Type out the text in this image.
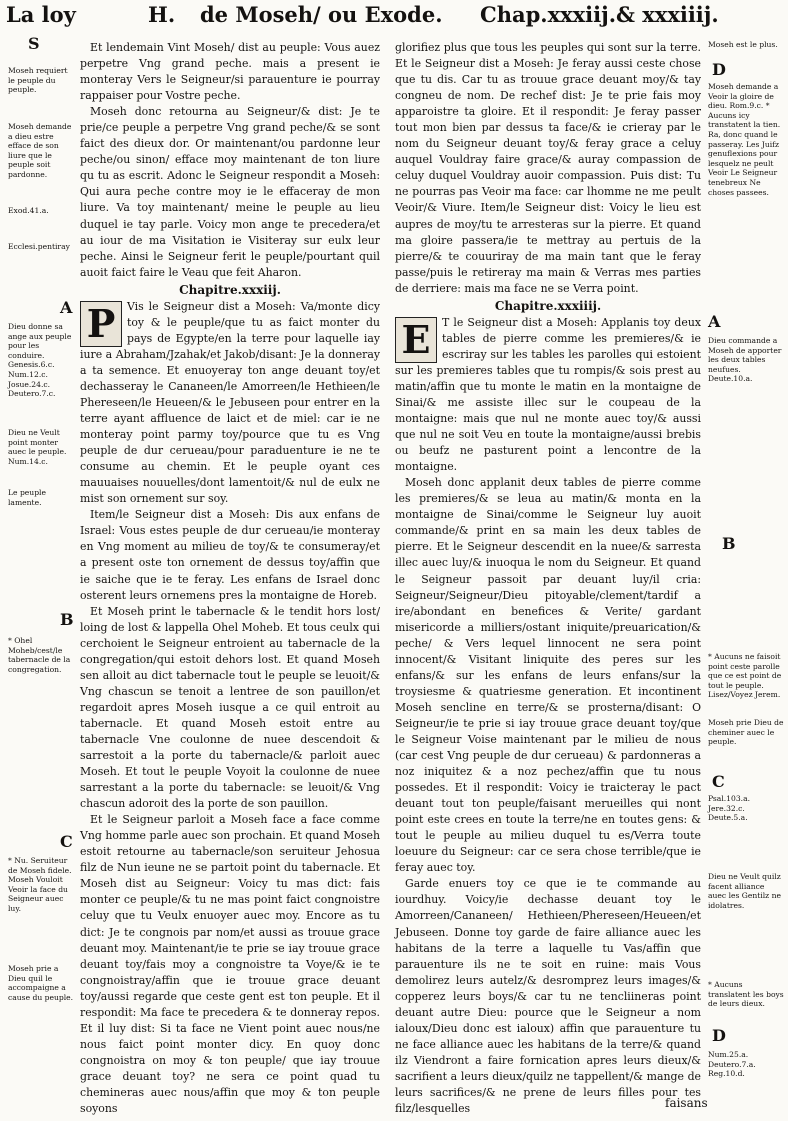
La loy	H. de Moseh/ ou Exode. Chap.xxxiij.& xxxiiij.
S
Moseh requiert le peuple du peuple.
Moseh demande a dieu estre efface de son liure que le peuple soit pardonne.
Exod.41.a.
Ecclesi.pentiray
A
Dieu donne sa ange aux peuple pour les conduire. Genesis.6.c. Num.12.c. Josue.24.c. Deutero.7.c.
Dieu ne Veult point monter auec le peuple. Num.14.c.
Le peuple lamente.
B
* Ohel Moheb/cest/le tabernacle de la congregation.
C
* Nu. Seruiteur de Moseh fidele. Moseh Vouloit Veoir la face du Seigneur auec luy.
Moseh prie a Dieu quil le accompaigne a cause du peuple.

Et lendemain Vint Moseh/ dist au peuple: Vous auez perpetre Vng grand peche. mais a present ie monteray Vers le Seigneur/si parauenture ie pourray rappaiser pour Vostre peche.

Moseh donc retourna au Seigneur/& dist: Je te prie/ce peuple a perpetre Vng grand peche/& se sont faict des dieux dor. Or maintenant/ou pardonne leur peche/ou sinon/ efface moy maintenant de ton liure qu tu as escrit. Adonc le Seigneur respondit a Moseh: Qui aura peche contre moy ie le effaceray de mon liure. Va toy maintenant/ meine le peuple au lieu duquel ie tay parle. Voicy mon ange te precedera/et au iour de ma Visitation ie Visiteray sur eulx leur peche. Ainsi le Seigneur ferit le peuple/pourtant quil auoit faict faire le Veau que feit Aharon.

Chapitre.xxxiij.

P	Vis le Seigneur dist a Moseh: Va/monte dicy toy & le peuple/que tu as faict monter du pays de Egypte/en la terre pour laquelle iay iure a Abraham/Jzahak/et Jakob/disant: Je la donneray a ta semence. Et enuoyeray ton ange deuant toy/et dechasseray le Cananeen/le Amorreen/le Hethieen/le Phereseen/le Heueen/& le Jebuseen pour entrer en la terre ayant affluence de laict et de miel: car ie ne monteray point parmy toy/pource que tu es Vng peuple de dur cerueau/pour paraduenture ie ne te consume au chemin. Et le peuple oyant ces mauuaises nouuelles/dont lamentoit/& nul de eulx ne mist son ornement sur soy.

Item/le Seigneur dist a Moseh: Dis aux enfans de Israel: Vous estes peuple de dur cerueau/ie monteray en Vng moment au milieu de toy/& te consumeray/et a present oste ton ornement de dessus toy/affin que ie saiche que ie te feray. Les enfans de Israel donc osterent leurs ornemens pres la montaigne de Horeb.

Et Moseh print le tabernacle & le tendit hors lost/ loing de lost & lappella Ohel Moheb. Et tous ceulx qui cerchoient le Seigneur entroient au tabernacle de la congregation/qui estoit dehors lost. Et quand Moseh sen alloit au dict tabernacle tout le peuple se leuoit/& Vng chascun se tenoit a lentree de son pauillon/et regardoit apres Moseh iusque a ce quil entroit au tabernacle. Et quand Moseh estoit entre au tabernacle Vne coulonne de nuee descendoit & sarrestoit a la porte du tabernacle/& parloit auec Moseh. Et tout le peuple Voyoit la coulonne de nuee sarrestant a la porte du tabernacle: se leuoit/& Vng chascun adoroit des la porte de son pauillon.

Et le Seigneur parloit a Moseh face a face comme Vng homme parle auec son prochain. Et quand Moseh estoit retourne au tabernacle/son seruiteur Jehosua filz de Nun ieune ne se partoit point du tabernacle. Et Moseh dist au Seigneur: Voicy tu mas dict: fais monter ce peuple/& tu ne mas point faict congnoistre celuy que tu Veulx enuoyer auec moy. Encore as tu dict: Je te congnois par nom/et aussi as trouue grace deuant moy. Maintenant/ie te prie se iay trouue grace deuant toy/fais moy a congnoistre ta Voye/& ie te congnoistray/affin que ie trouue grace deuant toy/aussi regarde que ceste gent est ton peuple. Et il respondit: Ma face te precedera & te donneray repos. Et il luy dist: Si ta face ne Vient point auec nous/ne nous faict point monter dicy. En quoy donc congnoistra on moy & ton peuple/ que iay trouue grace deuant toy? ne sera ce point quad tu chemineras auec nous/affin que moy & ton peuple soyons

glorifiez plus que tous les peuples qui sont sur la terre. Et le Seigneur dist a Moseh: Je feray aussi ceste chose que tu dis. Car tu as trouue grace deuant moy/& tay congneu de nom. De rechef dist: Je te prie fais moy apparoistre ta gloire. Et il respondit: Je feray passer tout mon bien par dessus ta face/& ie crieray par le nom du Seigneur deuant toy/& feray grace a celuy auquel Vouldray faire grace/& auray compassion de celuy duquel Vouldray auoir compassion. Puis dist: Tu ne pourras pas Veoir ma face: car lhomme ne me peult Veoir/& Viure. Item/le Seigneur dist: Voicy le lieu est aupres de moy/tu te arresteras sur la pierre. Et quand ma gloire passera/ie te mettray au pertuis de la pierre/& te couuriray de ma main tant que le feray passe/puis le retireray ma main & Verras mes parties de derriere: mais ma face ne se Verra point.

Chapitre.xxxiiij.

E	T le Seigneur dist a Moseh: Applanis toy deux tables de pierre comme les premieres/& ie escriray sur les tables les parolles qui estoient sur les premieres tables que tu rompis/& sois prest au matin/affin que tu monte le matin en la montaigne de Sinai/& me assiste illec sur le coupeau de la montaigne: mais que nul ne monte auec toy/& aussi que nul ne soit Veu en toute la montaigne/aussi brebis ou beufz ne pasturent point a lencontre de la montaigne.

Moseh donc applanit deux tables de pierre comme les premieres/& se leua au matin/& monta en la montaigne de Sinai/comme le Seigneur luy auoit commande/& print en sa main les deux tables de pierre. Et le Seigneur descendit en la nuee/& sarresta illec auec luy/& inuoqua le nom du Seigneur. Et quand le Seigneur passoit par deuant luy/il cria: Seigneur/Seigneur/Dieu pitoyable/clement/tardif a ire/abondant en benefices & Verite/ gardant misericorde a milliers/ostant iniquite/preuarication/& peche/ & Vers lequel linnocent ne sera point innocent/& Visitant liniquite des peres sur les enfans/& sur les enfans de leurs enfans/sur la troysiesme & quatriesme generation. Et incontinent Moseh sencline en terre/& se prosterna/disant: O Seigneur/ie te prie si iay trouue grace deuant toy/que le Seigneur Voise maintenant par le milieu de nous (car cest Vng peuple de dur cerueau) & pardonneras a noz iniquitez & a noz pechez/affin que tu nous possedes. Et il respondit: Voicy ie traicteray le pact deuant tout ton peuple/faisant merueilles qui nont point este crees en toute la terre/ne en toutes gens: & tout le peuple au milieu duquel tu es/Verra toute loeuure du Seigneur: car ce sera chose terrible/que ie feray auec toy.

Garde enuers toy ce que ie te commande au iourdhuy. Voicy/ie dechasse deuant toy le Amorreen/Cananeen/ Hethieen/Phereseen/Heueen/et Jebuseen. Donne toy garde de faire alliance auec les habitans de la terre a laquelle tu Vas/affin que parauenture ils ne te soit en ruine: mais Vous demolirez leurs autelz/& desromprez leurs images/& copperez leurs boys/& car tu ne tencliineras point deuant autre Dieu: pource que le Seigneur a nom ialoux/Dieu donc est ialoux) affin que parauenture tu ne face alliance auec les habitans de la terre/& quand ilz Viendront a faire fornication apres leurs dieux/& sacrifient a leurs dieux/quilz ne tappellent/& mange de leurs sacrifices/& ne prene de leurs filles pour tes filz/lesquelles	faisans
Moseh est le plus.
D
Moseh demande a Veoir la gloire de dieu. Rom.9.c. * Aucuns icy transtatent la tien. Ra, donc quand le passeray. Les Juifz genuflexions pour lesquelz ne peult Veoir Le Seigneur tenebreux Ne choses passees.
A
Dieu commande a Moseh de apporter les deux tables neufues. Deute.10.a.
B
* Aucuns ne faisoit point ceste parolle que ce est point de tout le peuple. Lisez/Voyez Jerem.
Moseh prie Dieu de cheminer auec le peuple.
C
Psal.103.a. Jere.32.c. Deute.5.a.
Dieu ne Veult quilz facent alliance auec les Gentilz ne idolatres.
* Aucuns translatent les boys de leurs dieux.
D
Num.25.a. Deutero.7.a. Reg.10.d.
